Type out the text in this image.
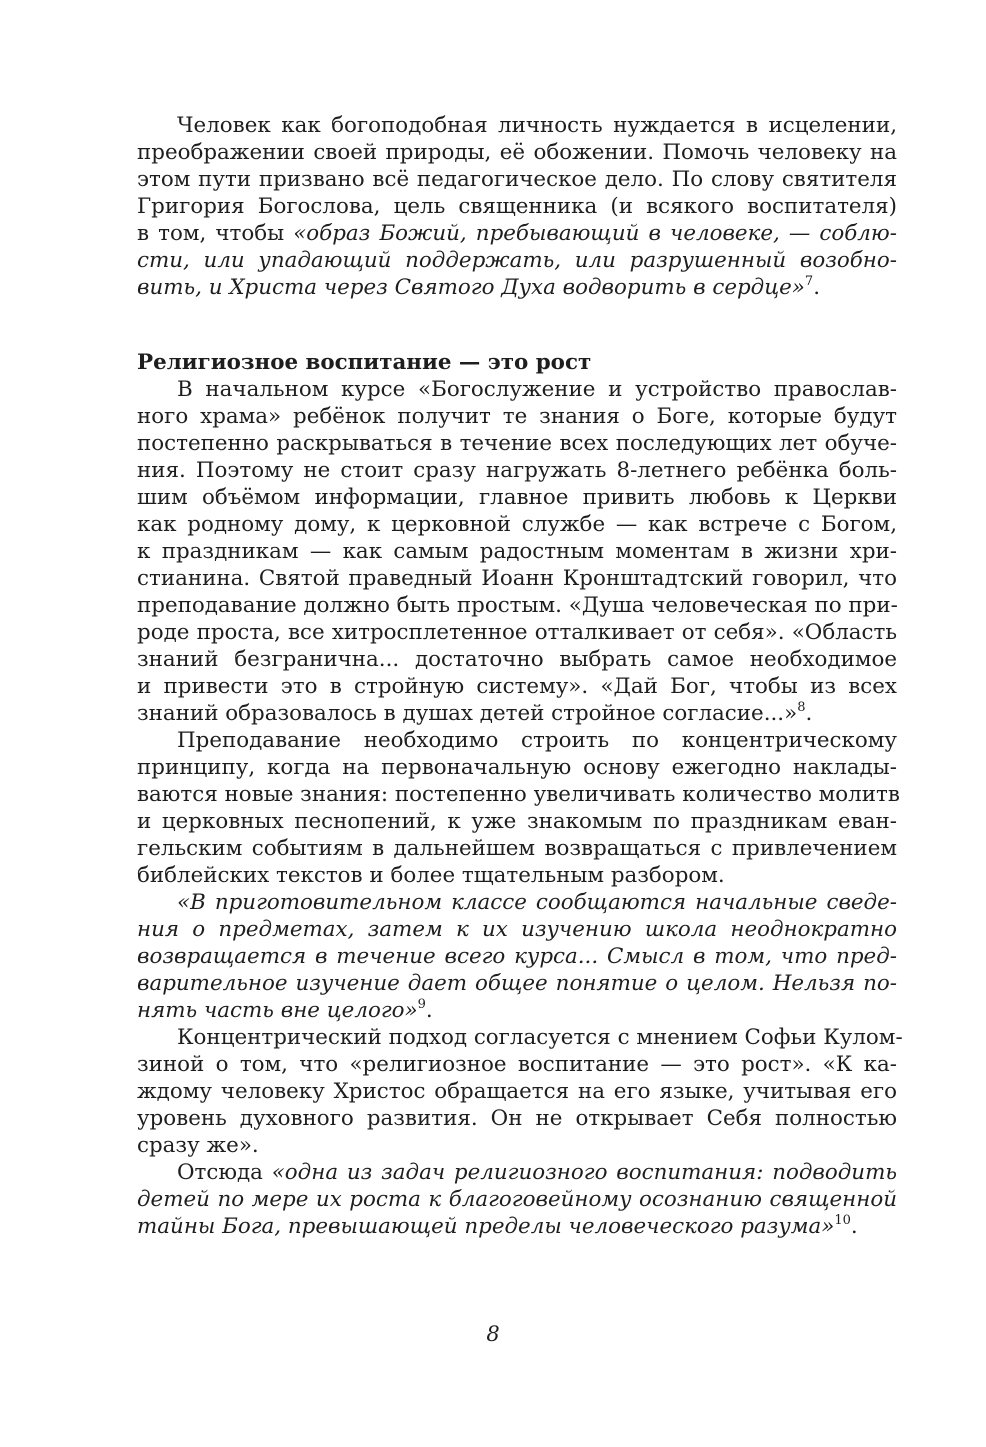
Человек как богоподобная личность нуждается в исцелении,
преображении своей природы, её обожении. Помочь человеку на
этом пути призвано всё педагогическое дело. По слову святителя
Григория Богослова, цель священника (и всякого воспитателя)
в том, чтобы «образ Божий, пребывающий в человеке, — соблю-
сти, или упадающий поддержать, или разрушенный возобно-
вить, и Христа через Святого Духа водворить в сердце»$^7$.
Религиозное воспитание — это рост
В начальном курсе «Богослужение и устройство православ-
ного храма» ребёнок получит те знания о Боге, которые будут
постепенно раскрываться в течение всех последующих лет обуче-
ния. Поэтому не стоит сразу нагружать 8-летнего ребёнка боль-
шим объёмом информации, главное привить любовь к Церкви
как родному дому, к церковной службе — как встрече с Богом,
к праздникам — как самым радостным моментам в жизни хри-
стианина. Святой праведный Иоанн Кронштадтский говорил, что
преподавание должно быть простым. «Душа человеческая по при-
роде проста, все хитросплетенное отталкивает от себя». «Область
знаний безгранична... достаточно выбрать самое необходимое
и привести это в стройную систему». «Дай Бог, чтобы из всех
знаний образовалось в душах детей стройное согласие...»$^8$.
Преподавание необходимо строить по концентрическому
принципу, когда на первоначальную основу ежегодно наклады-
ваются новые знания: постепенно увеличивать количество молитв
и церковных песнопений, к уже знакомым по праздникам еван-
гельским событиям в дальнейшем возвращаться с привлечением
библейских текстов и более тщательным разбором.
«В приготовительном классе сообщаются начальные сведе-
ния о предметах, затем к их изучению школа неоднократно
возвращается в течение всего курса... Смысл в том, что пред-
варительное изучение дает общее понятие о целом. Нельзя по-
нять часть вне целого»$^9$.
Концентрический подход согласуется с мнением Софьи Кулом-
зиной о том, что «религиозное воспитание — это рост». «К ка-
ждому человеку Христос обращается на его языке, учитывая его
уровень духовного развития. Он не открывает Себя полностью
сразу же».
Отсюда «одна из задач религиозного воспитания: подводить
детей по мере их роста к благоговейному осознанию священной
тайны Бога, превышающей пределы человеческого разума»$^{10}$.
8
